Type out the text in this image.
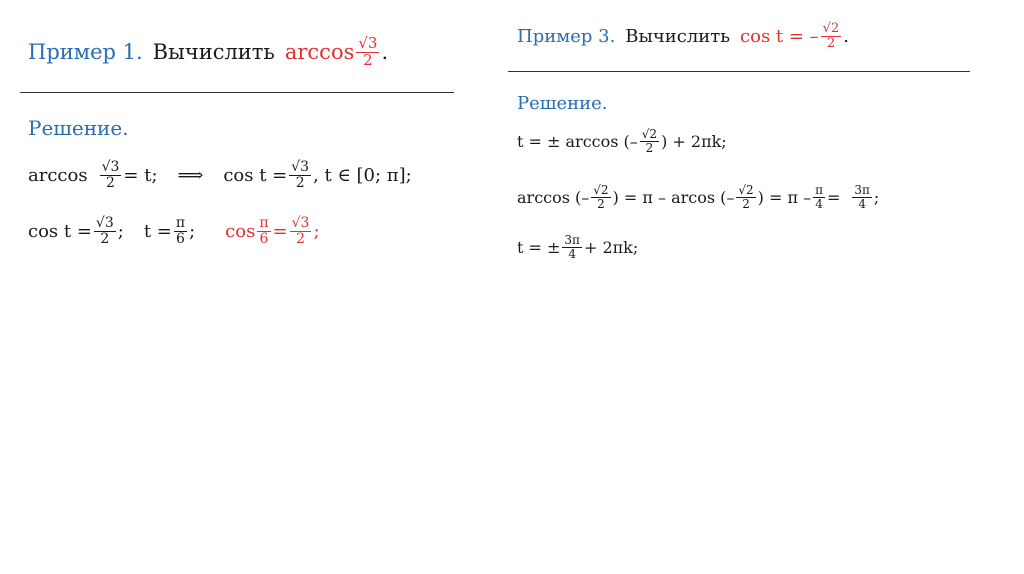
Пример 1. Вычислить $\arccos \frac{√3}{2}$ .
Решение.
$\arccos \frac{√3}{2} = t$; ⟹ $\cos t = \frac{√3}{2}$ , t ∈ [0; π];
$\cos t = \frac{√3}{2}$ ; $t = \frac{\pi}{6}$ ; $\cos \frac{\pi}{6} = \frac{√3}{2}$ ;
Пример 3. Вычислить cos t = – $\frac{√2}{2}$ .
Решение.
t = ± arccos (– $\frac{√2}{2}$ ) + 2πk;
arccos (– $\frac{√2}{2}$ ) = π – arcos (– $\frac{√2}{2}$ ) = $\pi - \frac{\pi}{4} = \frac{3\pi}{4}$ ;
t = ± $\frac{3\pi}{4} + 2\pi k$;
